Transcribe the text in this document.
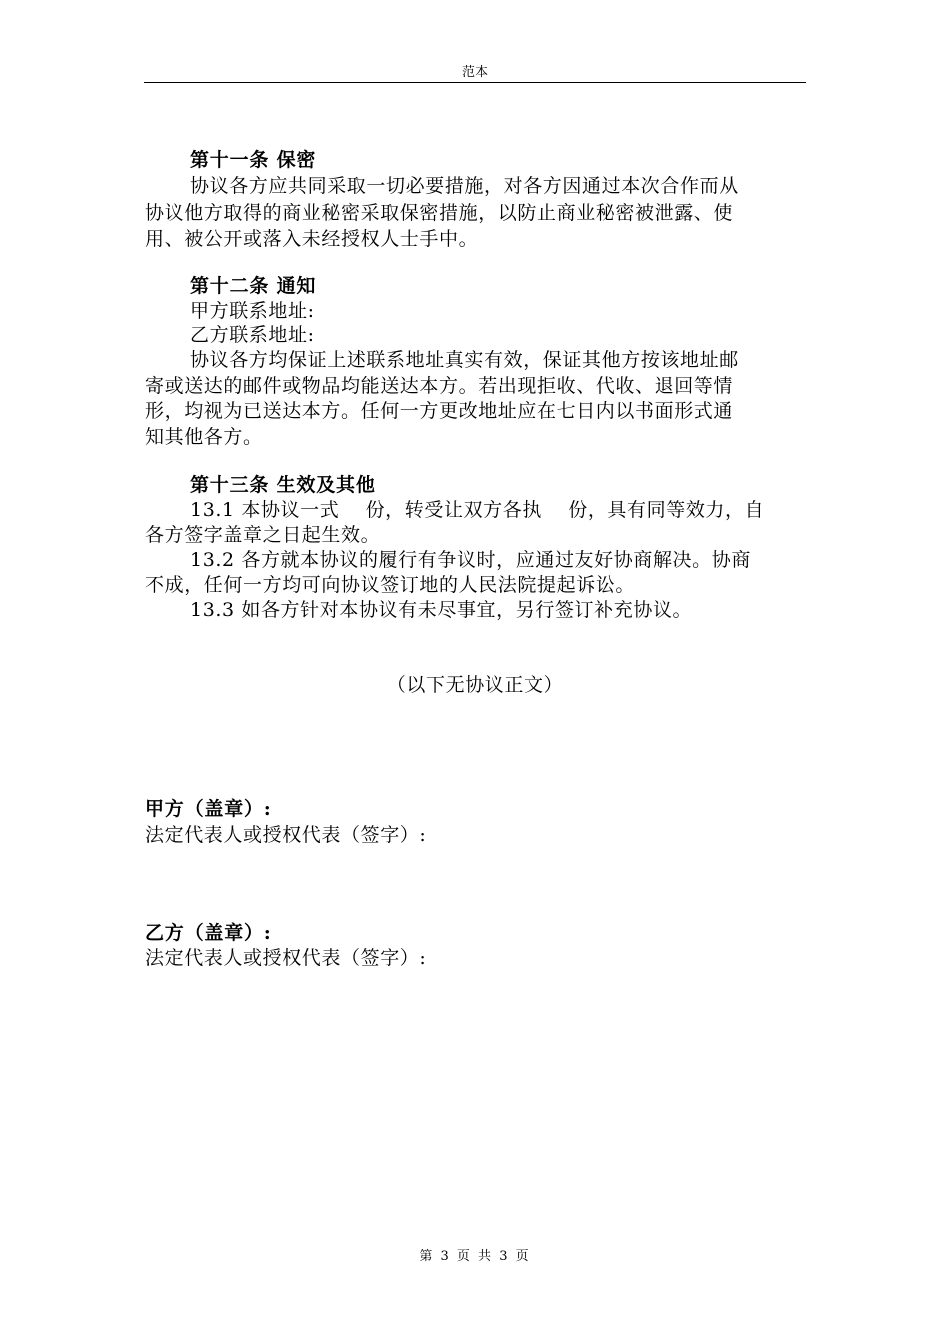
范本
第十一条 保密
协议各方应共同采取一切必要措施，对各方因通过本次合作而从
协议他方取得的商业秘密采取保密措施，以防止商业秘密被泄露、使
用、被公开或落入未经授权人士手中。
第十二条 通知
甲方联系地址:
乙方联系地址:
协议各方均保证上述联系地址真实有效，保证其他方按该地址邮
寄或送达的邮件或物品均能送达本方。若出现拒收、代收、退回等情
形，均视为已送达本方。任何一方更改地址应在七日内以书面形式通
知其他各方。
第十三条 生效及其他
13.1 本协议一式　 份，转受让双方各执　 份，具有同等效力，自
各方签字盖章之日起生效。
13.2 各方就本协议的履行有争议时，应通过友好协商解决。协商
不成，任何一方均可向协议签订地的人民法院提起诉讼。
13.3 如各方针对本协议有未尽事宜，另行签订补充协议。
（以下无协议正文）
甲方（盖章）:
法定代表人或授权代表（签字）:
乙方（盖章）:
法定代表人或授权代表（签字）:
第 3 页 共 3 页
